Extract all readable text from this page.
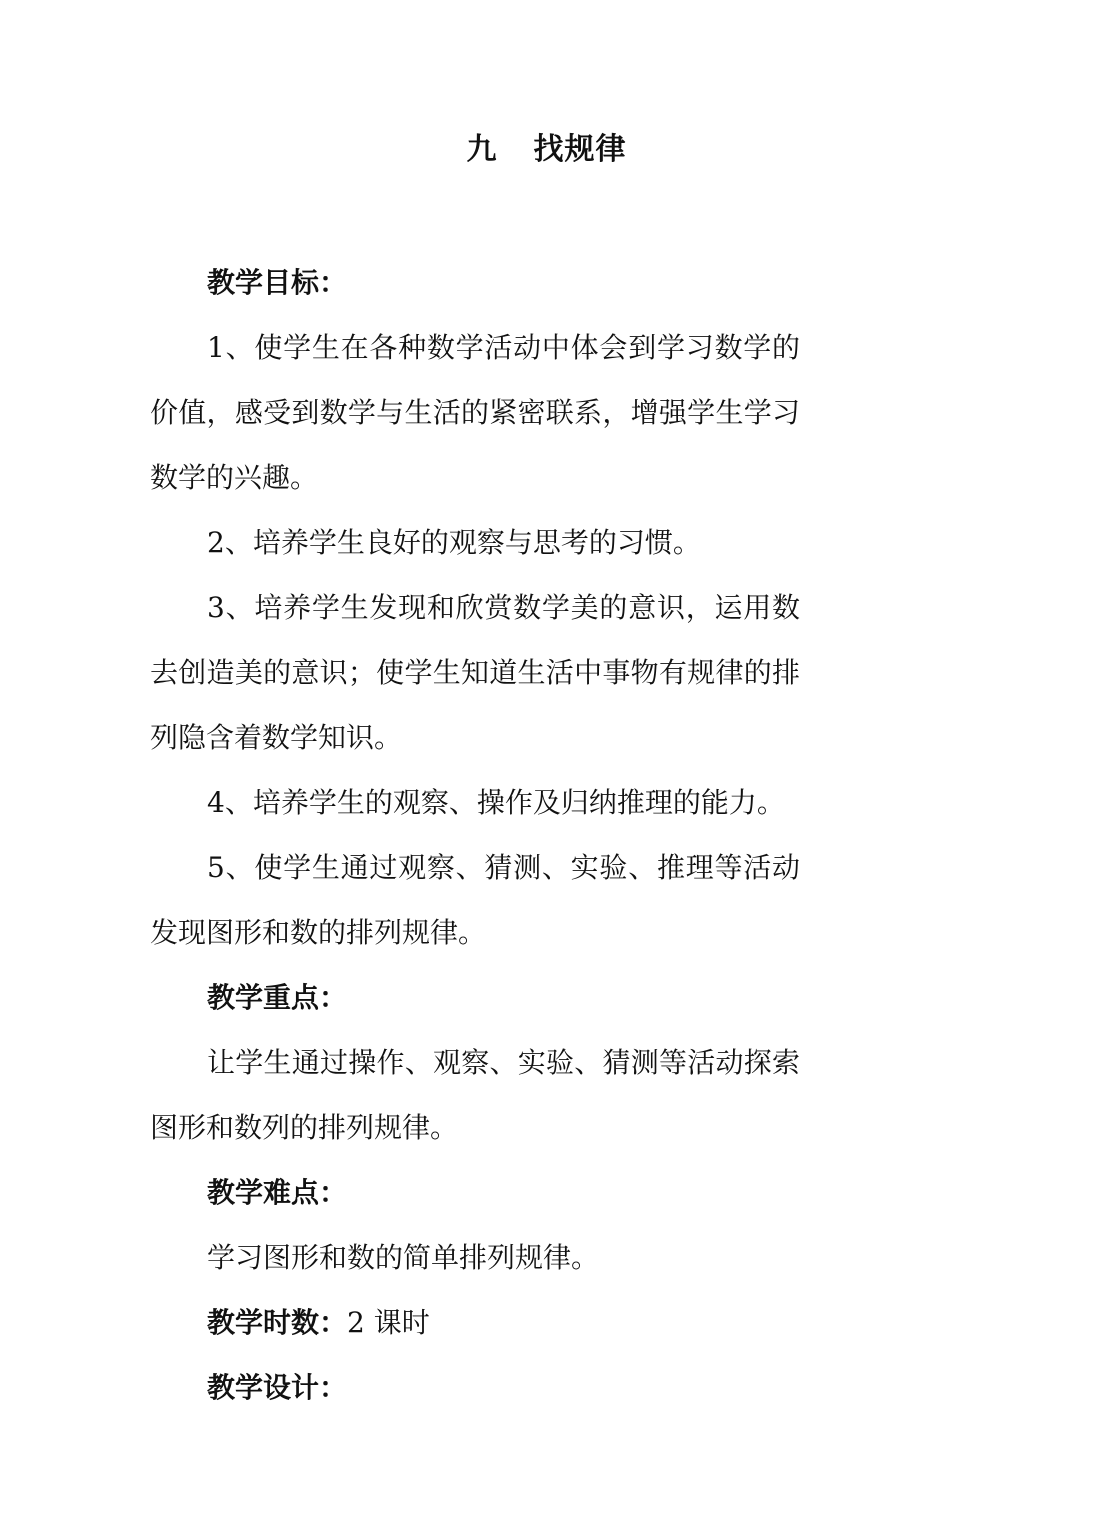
九 找规律

教学目标：

1、使学生在各种数学活动中体会到学习数学的价值，感受到数学与生活的紧密联系，增强学生学习数学的兴趣。

2、培养学生良好的观察与思考的习惯。

3、培养学生发现和欣赏数学美的意识，运用数去创造美的意识；使学生知道生活中事物有规律的排列隐含着数学知识。

4、培养学生的观察、操作及归纳推理的能力。

5、使学生通过观察、猜测、实验、推理等活动发现图形和数的排列规律。

教学重点：

让学生通过操作、观察、实验、猜测等活动探索图形和数列的排列规律。

教学难点：

学习图形和数的简单排列规律。

教学时数：2 课时

教学设计：
